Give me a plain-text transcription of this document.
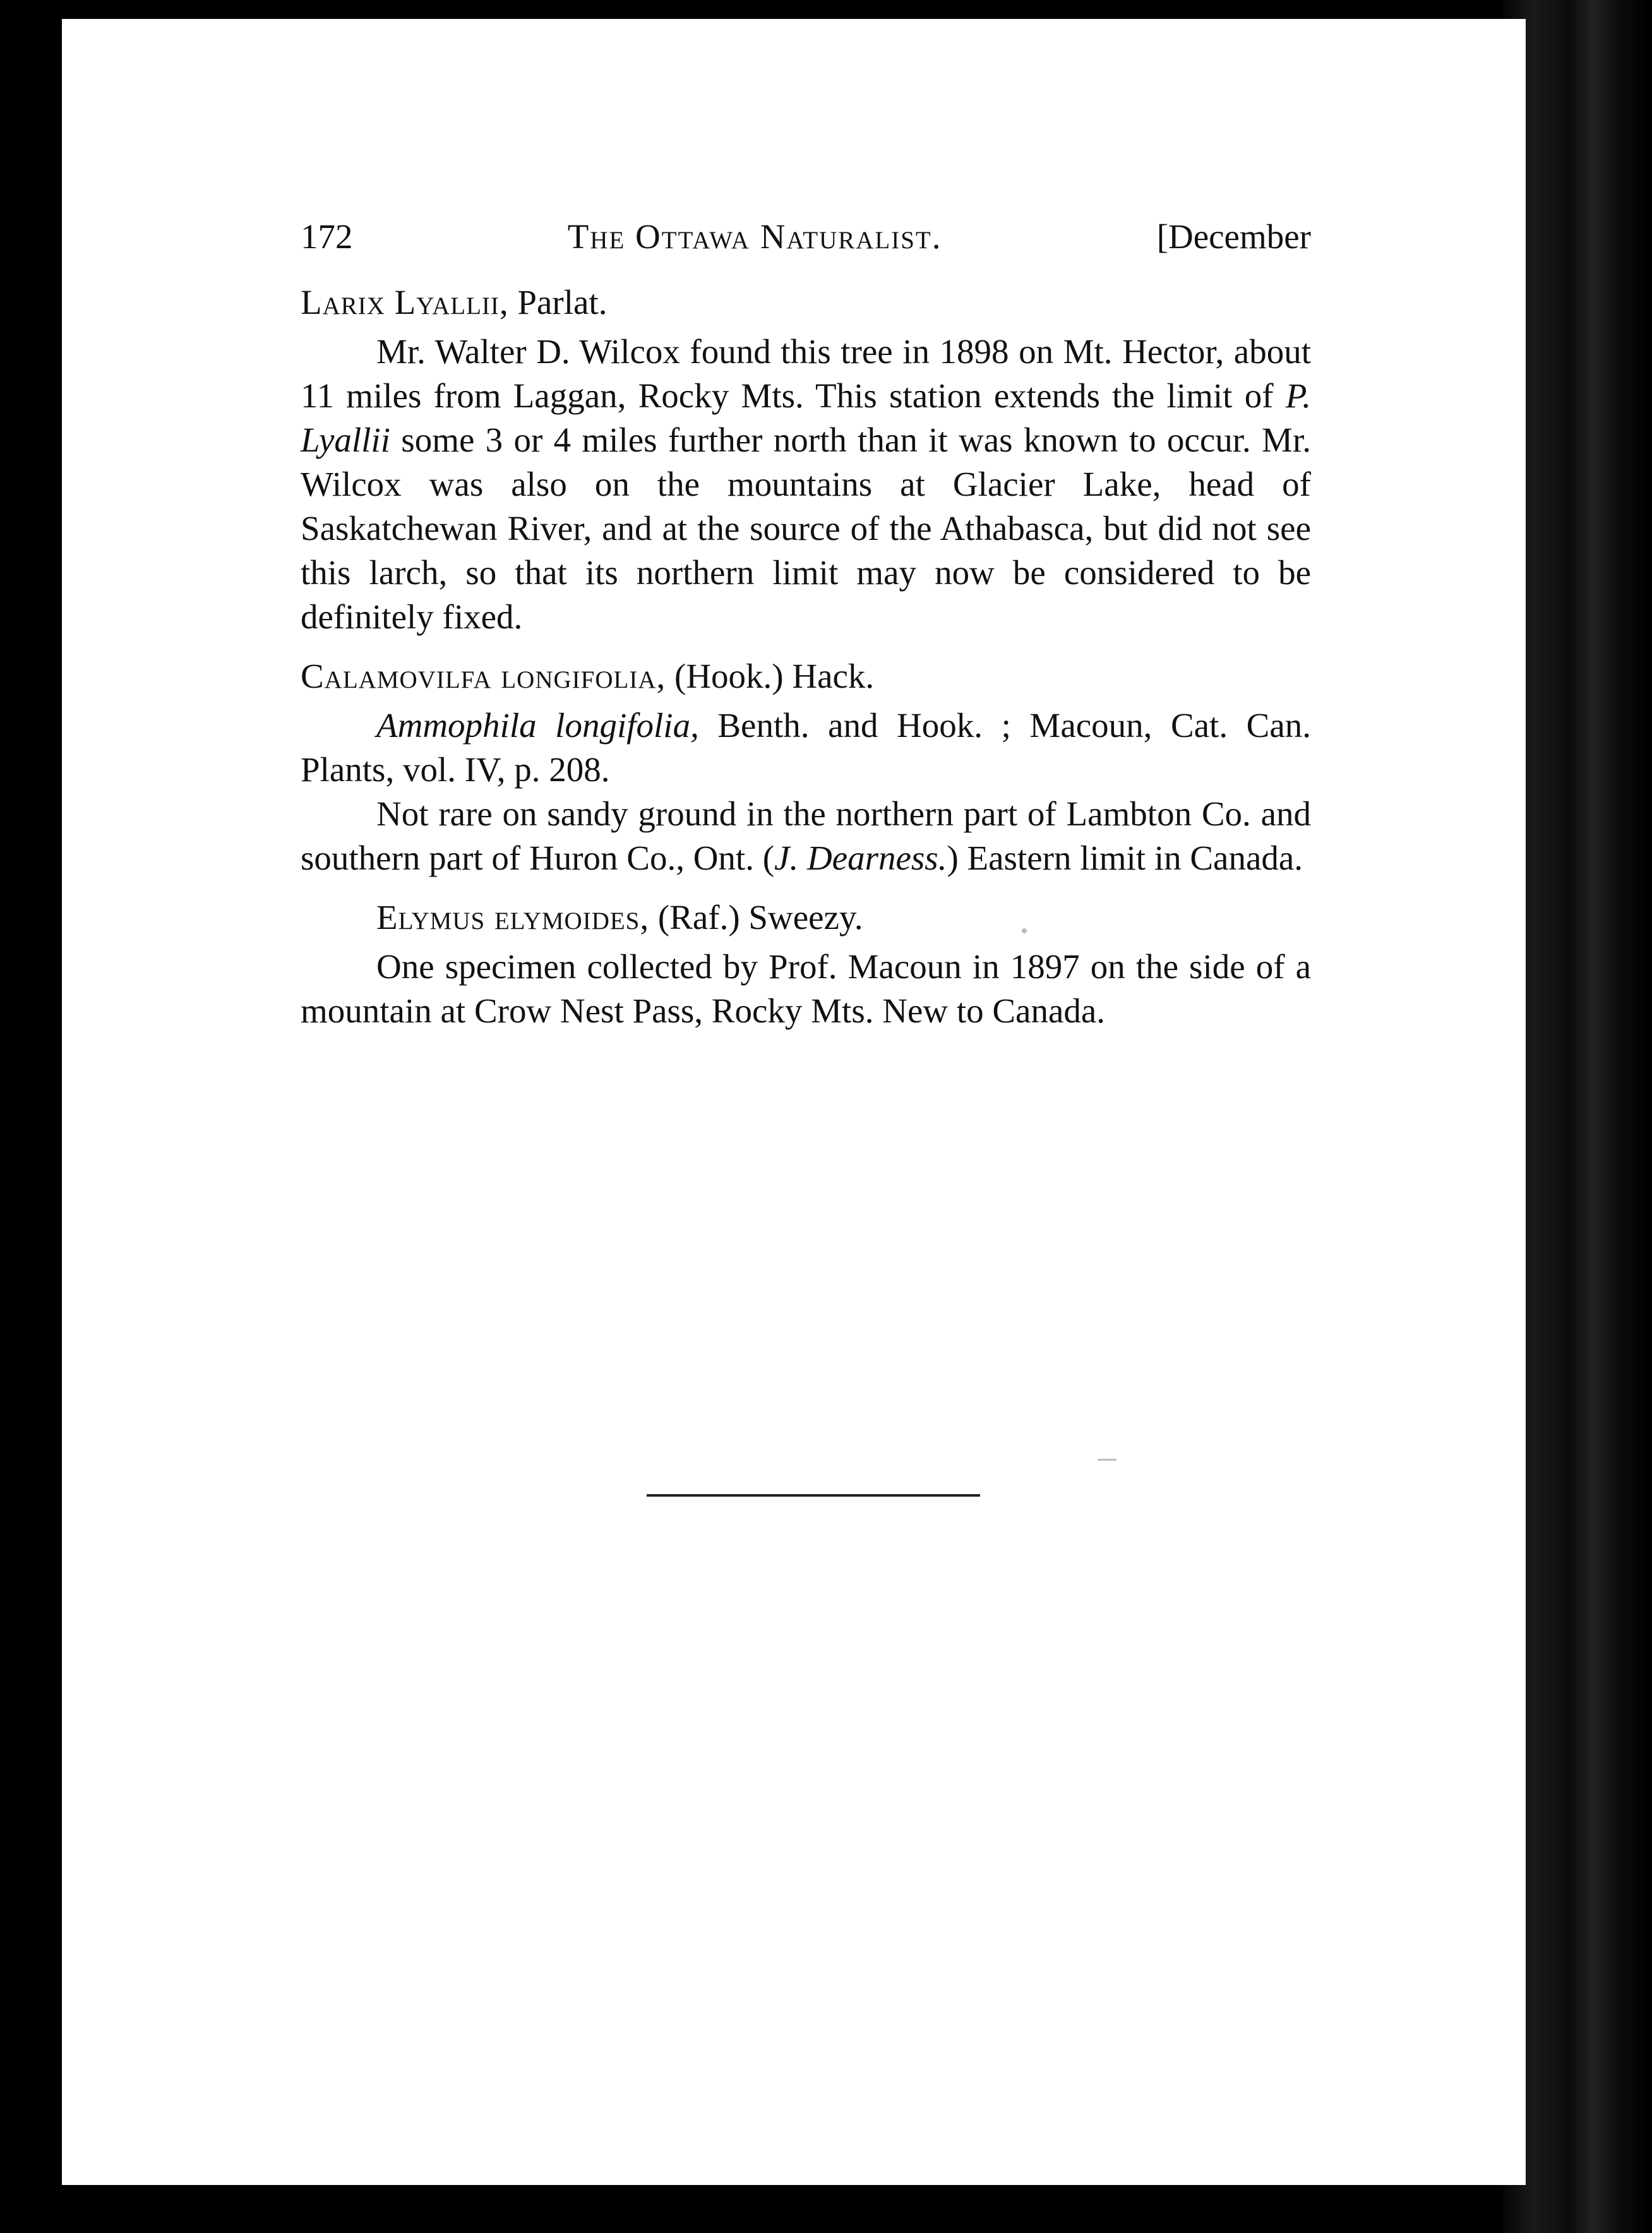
172	The Ottawa Naturalist.	[December
Larix Lyallii, Parlat.

Mr. Walter D. Wilcox found this tree in 1898 on Mt. Hector, about 11 miles from Laggan, Rocky Mts. This station extends the limit of P. Lyallii some 3 or 4 miles further north than it was known to occur. Mr. Wilcox was also on the mountains at Glacier Lake, head of Saskatchewan River, and at the source of the Athabasca, but did not see this larch, so that its northern limit may now be considered to be definitely fixed.

Calamovilfa longifolia, (Hook.) Hack.

Ammophila longifolia, Benth. and Hook. ; Macoun, Cat. Can. Plants, vol. IV, p. 208.

Not rare on sandy ground in the northern part of Lambton Co. and southern part of Huron Co., Ont. (J. Dearness.) Eastern limit in Canada.

Elymus elymoides, (Raf.) Sweezy.

One specimen collected by Prof. Macoun in 1897 on the side of a mountain at Crow Nest Pass, Rocky Mts. New to Canada.
